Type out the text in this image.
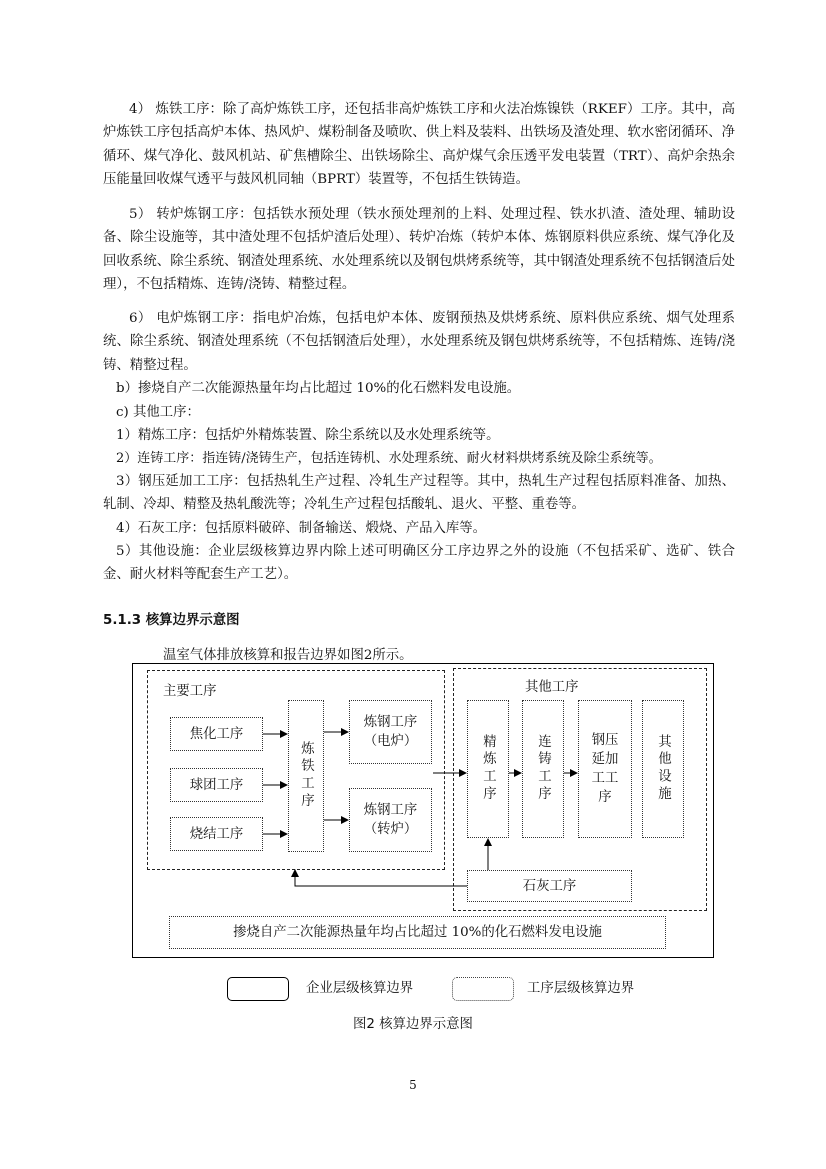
4） 炼铁工序：除了高炉炼铁工序，还包括非高炉炼铁工序和火法冶炼镍铁（RKEF）工序。其中，高炉炼铁工序包括高炉本体、热风炉、煤粉制备及喷吹、供上料及装料、出铁场及渣处理、软水密闭循环、净循环、煤气净化、鼓风机站、矿焦槽除尘、出铁场除尘、高炉煤气余压透平发电装置（TRT）、高炉余热余压能量回收煤气透平与鼓风机同轴（BPRT）装置等，不包括生铁铸造。

5） 转炉炼钢工序：包括铁水预处理（铁水预处理剂的上料、处理过程、铁水扒渣、渣处理、辅助设备、除尘设施等，其中渣处理不包括炉渣后处理）、转炉冶炼（转炉本体、炼钢原料供应系统、煤气净化及回收系统、除尘系统、钢渣处理系统、水处理系统以及钢包烘烤系统等，其中钢渣处理系统不包括钢渣后处理），不包括精炼、连铸/浇铸、精整过程。

6） 电炉炼钢工序：指电炉冶炼，包括电炉本体、废钢预热及烘烤系统、原料供应系统、烟气处理系统、除尘系统、钢渣处理系统（不包括钢渣后处理），水处理系统及钢包烘烤系统等，不包括精炼、连铸/浇铸、精整过程。

b）掺烧自产二次能源热量年均占比超过 10%的化石燃料发电设施。

c) 其他工序：

1）精炼工序：包括炉外精炼装置、除尘系统以及水处理系统等。

2）连铸工序：指连铸/浇铸生产，包括连铸机、水处理系统、耐火材料烘烤系统及除尘系统等。

3）钢压延加工工序：包括热轧生产过程、冷轧生产过程等。其中，热轧生产过程包括原料准备、加热、轧制、冷却、精整及热轧酸洗等；冷轧生产过程包括酸轧、退火、平整、重卷等。

4）石灰工序：包括原料破碎、制备输送、煅烧、产品入库等。

5）其他设施：企业层级核算边界内除上述可明确区分工序边界之外的设施（不包括采矿、选矿、铁合金、耐火材料等配套生产工艺）。

5.1.3 核算边界示意图

温室气体排放核算和报告边界如图2所示。

主要工序	其他工序
焦化工序
球团工序
烧结工序
炼铁工序
炼钢工序
（电炉）
炼钢工序
（转炉）
精炼工序	连铸工序	钢压延加工工序	其他设施
石灰工序
掺烧自产二次能源热量年均占比超过 10%的化石燃料发电设施
企业层级核算边界	工序层级核算边界
图2 核算边界示意图
5
